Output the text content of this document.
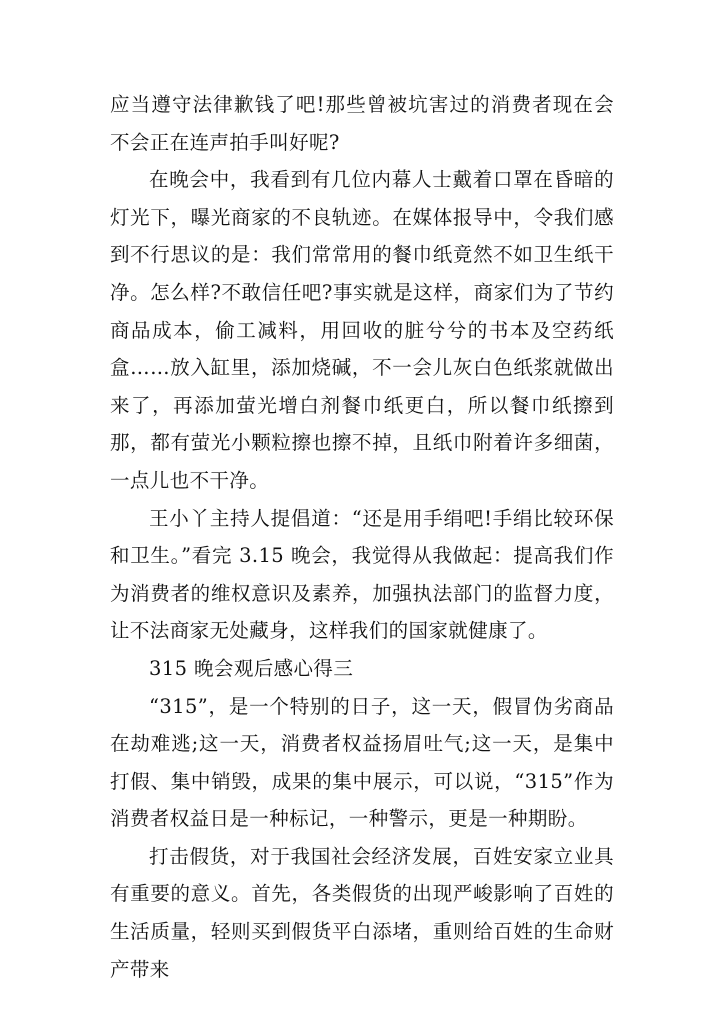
应当遵守法律歉钱了吧!那些曾被坑害过的消费者现在会不会正在连声拍手叫好呢?

在晚会中，我看到有几位内幕人士戴着口罩在昏暗的灯光下，曝光商家的不良轨迹。在媒体报导中，令我们感到不行思议的是：我们常常用的餐巾纸竟然不如卫生纸干净。怎么样?不敢信任吧?事实就是这样，商家们为了节约商品成本，偷工减料，用回收的脏兮兮的书本及空药纸盒……放入缸里，添加烧碱，不一会儿灰白色纸浆就做出来了，再添加萤光增白剂餐巾纸更白，所以餐巾纸擦到那，都有萤光小颗粒擦也擦不掉，且纸巾附着许多细菌，一点儿也不干净。

王小丫主持人提倡道：“还是用手绢吧!手绢比较环保和卫生。”看完 3.15 晚会，我觉得从我做起：提高我们作为消费者的维权意识及素养，加强执法部门的监督力度，让不法商家无处藏身，这样我们的国家就健康了。

315 晚会观后感心得三

“315”，是一个特别的日子，这一天，假冒伪劣商品在劫难逃;这一天，消费者权益扬眉吐气;这一天，是集中打假、集中销毁，成果的集中展示，可以说，“315”作为消费者权益日是一种标记，一种警示，更是一种期盼。

打击假货，对于我国社会经济发展，百姓安家立业具有重要的意义。首先，各类假货的出现严峻影响了百姓的生活质量，轻则买到假货平白添堵，重则给百姓的生命财产带来
